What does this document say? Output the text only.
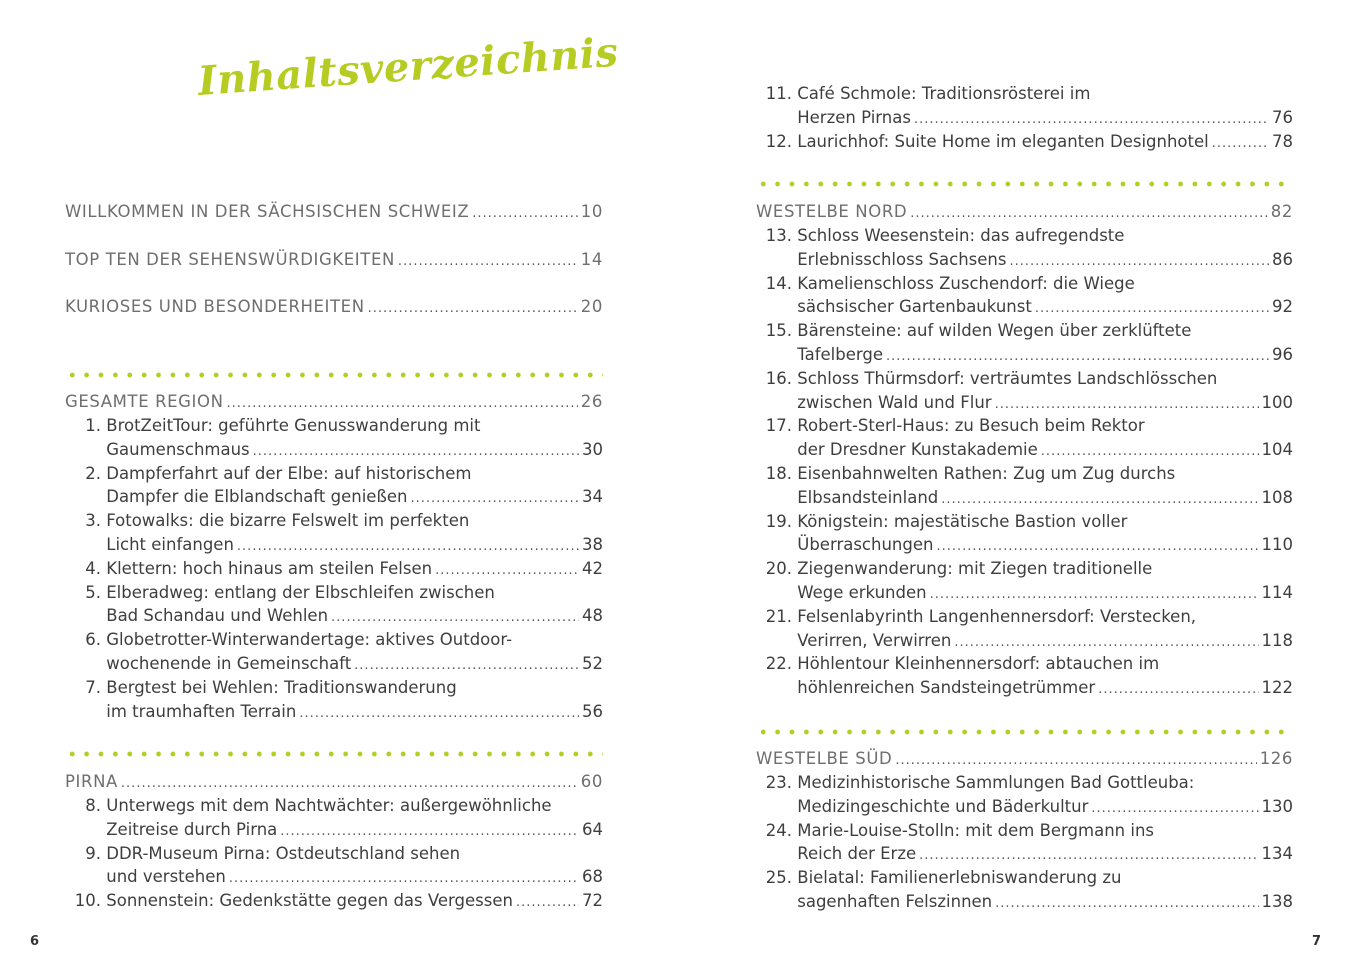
Inhaltsverzeichnis
WILLKOMMEN IN DER SÄCHSISCHEN SCHWEIZ .....	10
TOP TEN DER SEHENSWÜRDIGKEITEN .....	14
KURIOSES UND BESONDERHEITEN .....	20
GESAMTE REGION .....	26
1. BrotZeitTour: geführte Genusswanderung mit
Gaumenschmaus .....	30
2. Dampferfahrt auf der Elbe: auf historischem
Dampfer die Elblandschaft genießen .....	34
3. Fotowalks: die bizarre Felswelt im perfekten
Licht einfangen .....	38
4. Klettern: hoch hinaus am steilen Felsen .....	42
5. Elberadweg: entlang der Elbschleifen zwischen
Bad Schandau und Wehlen .....	48
6. Globetrotter-Winterwandertage: aktives Outdoor-
wochenende in Gemeinschaft .....	52
7. Bergtest bei Wehlen: Traditionswanderung
im traumhaften Terrain .....	56
PIRNA .....	60
8. Unterwegs mit dem Nachtwächter: außergewöhnliche
Zeitreise durch Pirna .....	64
9. DDR-Museum Pirna: Ostdeutschland sehen
und verstehen .....	68
10. Sonnenstein: Gedenkstätte gegen das Vergessen .....	72
6
11. Café Schmole: Traditionsrösterei im
Herzen Pirnas .....	76
12. Laurichhof: Suite Home im eleganten Designhotel .....	78
WESTELBE NORD .....	82
13. Schloss Weesenstein: das aufregendste
Erlebnisschloss Sachsens .....	86
14. Kamelienschloss Zuschendorf: die Wiege
sächsischer Gartenbaukunst .....	92
15. Bärensteine: auf wilden Wegen über zerklüftete
Tafelberge .....	96
16. Schloss Thürmsdorf: verträumtes Landschlösschen
zwischen Wald und Flur .....	100
17. Robert-Sterl-Haus: zu Besuch beim Rektor
der Dresdner Kunstakademie .....	104
18. Eisenbahnwelten Rathen: Zug um Zug durchs
Elbsandsteinland .....	108
19. Königstein: majestätische Bastion voller
Überraschungen .....	110
20. Ziegenwanderung: mit Ziegen traditionelle
Wege erkunden .....	114
21. Felsenlabyrinth Langenhennersdorf: Verstecken,
Verirren, Verwirren .....	118
22. Höhlentour Kleinhennersdorf: abtauchen im
höhlenreichen Sandsteingetrümmer .....	122
WESTELBE SÜD .....	126
23. Medizinhistorische Sammlungen Bad Gottleuba:
Medizingeschichte und Bäderkultur .....	130
24. Marie-Louise-Stolln: mit dem Bergmann ins
Reich der Erze .....	134
25. Bielatal: Familienerlebniswanderung zu
sagenhaften Felszinnen .....	138
7
